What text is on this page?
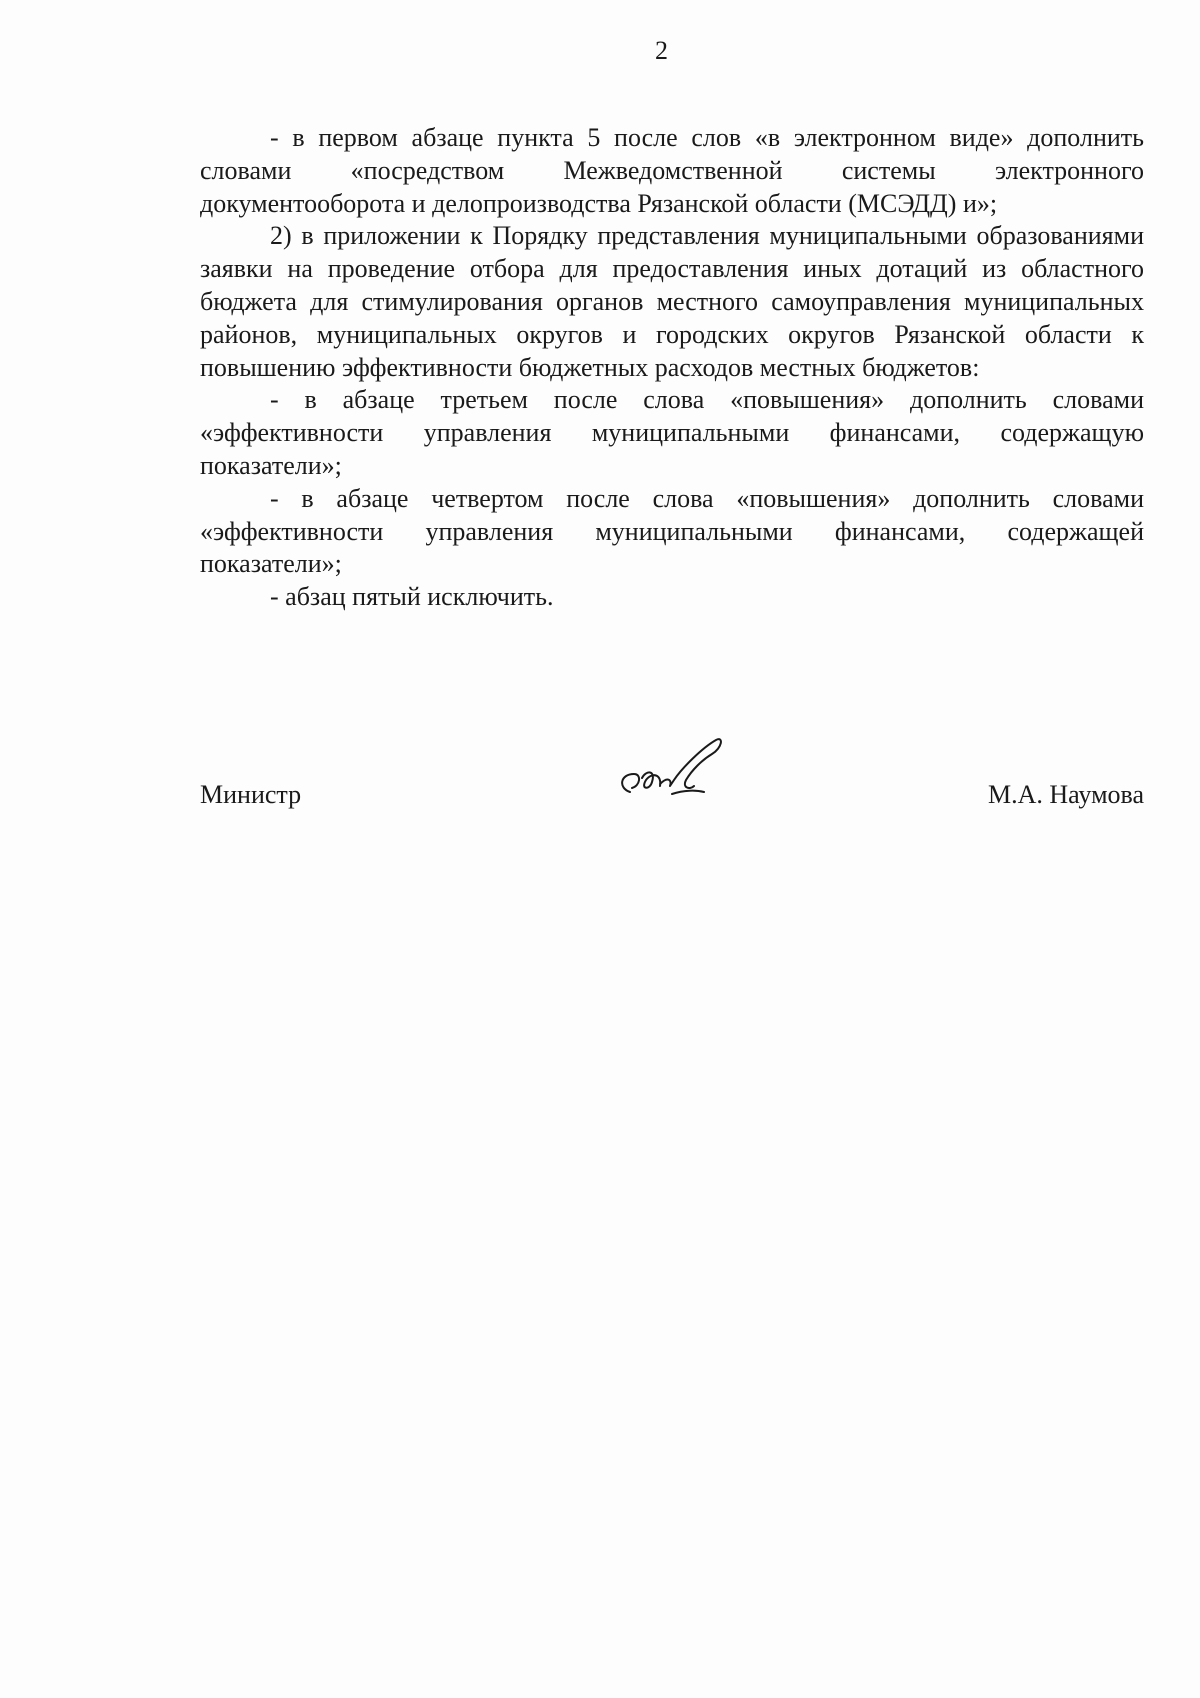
2

- в первом абзаце пункта 5 после слов «в электронном виде» дополнить словами «посредством Межведомственной системы электронного документооборота и делопроизводства Рязанской области (МСЭДД) и»;

2) в приложении к Порядку представления муниципальными образованиями заявки на проведение отбора для предоставления иных дотаций из областного бюджета для стимулирования органов местного самоуправления муниципальных районов, муниципальных округов и городских округов Рязанской области к повышению эффективности бюджетных расходов местных бюджетов:

- в абзаце третьем после слова «повышения» дополнить словами «эффективности управления муниципальными финансами, содержащую показатели»;

- в абзаце четвертом после слова «повышения» дополнить словами «эффективности управления муниципальными финансами, содержащей показатели»;

- абзац пятый исключить.

Министр	М.А. Наумова
